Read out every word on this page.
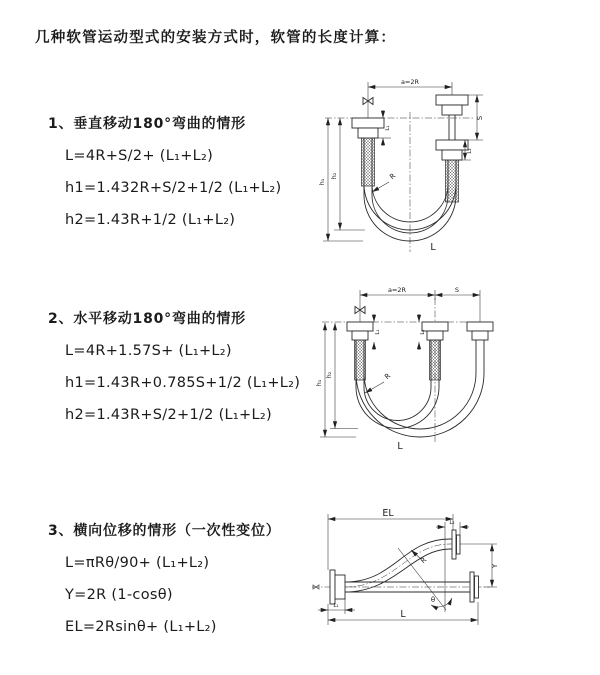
几种软管运动型式的安装方式时，软管的长度计算：
1、垂直移动180°弯曲的情形
L=4R+S/2+ (L₁+L₂)
h1=1.432R+S/2+1/2 (L₁+L₂)
h2=1.43R+1/2 (L₁+L₂)
2、水平移动180°弯曲的情形
L=4R+1.57S+ (L₁+L₂)
h1=1.43R+0.785S+1/2 (L₁+L₂)
h2=1.43R+S/2+1/2 (L₁+L₂)
3、横向位移的情形（一次性变位）
L=πRθ/90+ (L₁+L₂)
Y=2R (1-cosθ)
EL=2Rsinθ+ (L₁+L₂)
a=2R
S
L₂
L₁
h₁
h₂	R
L
a=2R	S
L₁	L₂
h₁
h₂	R
L
EL
L₂
Y
R
θ
L
L₁
